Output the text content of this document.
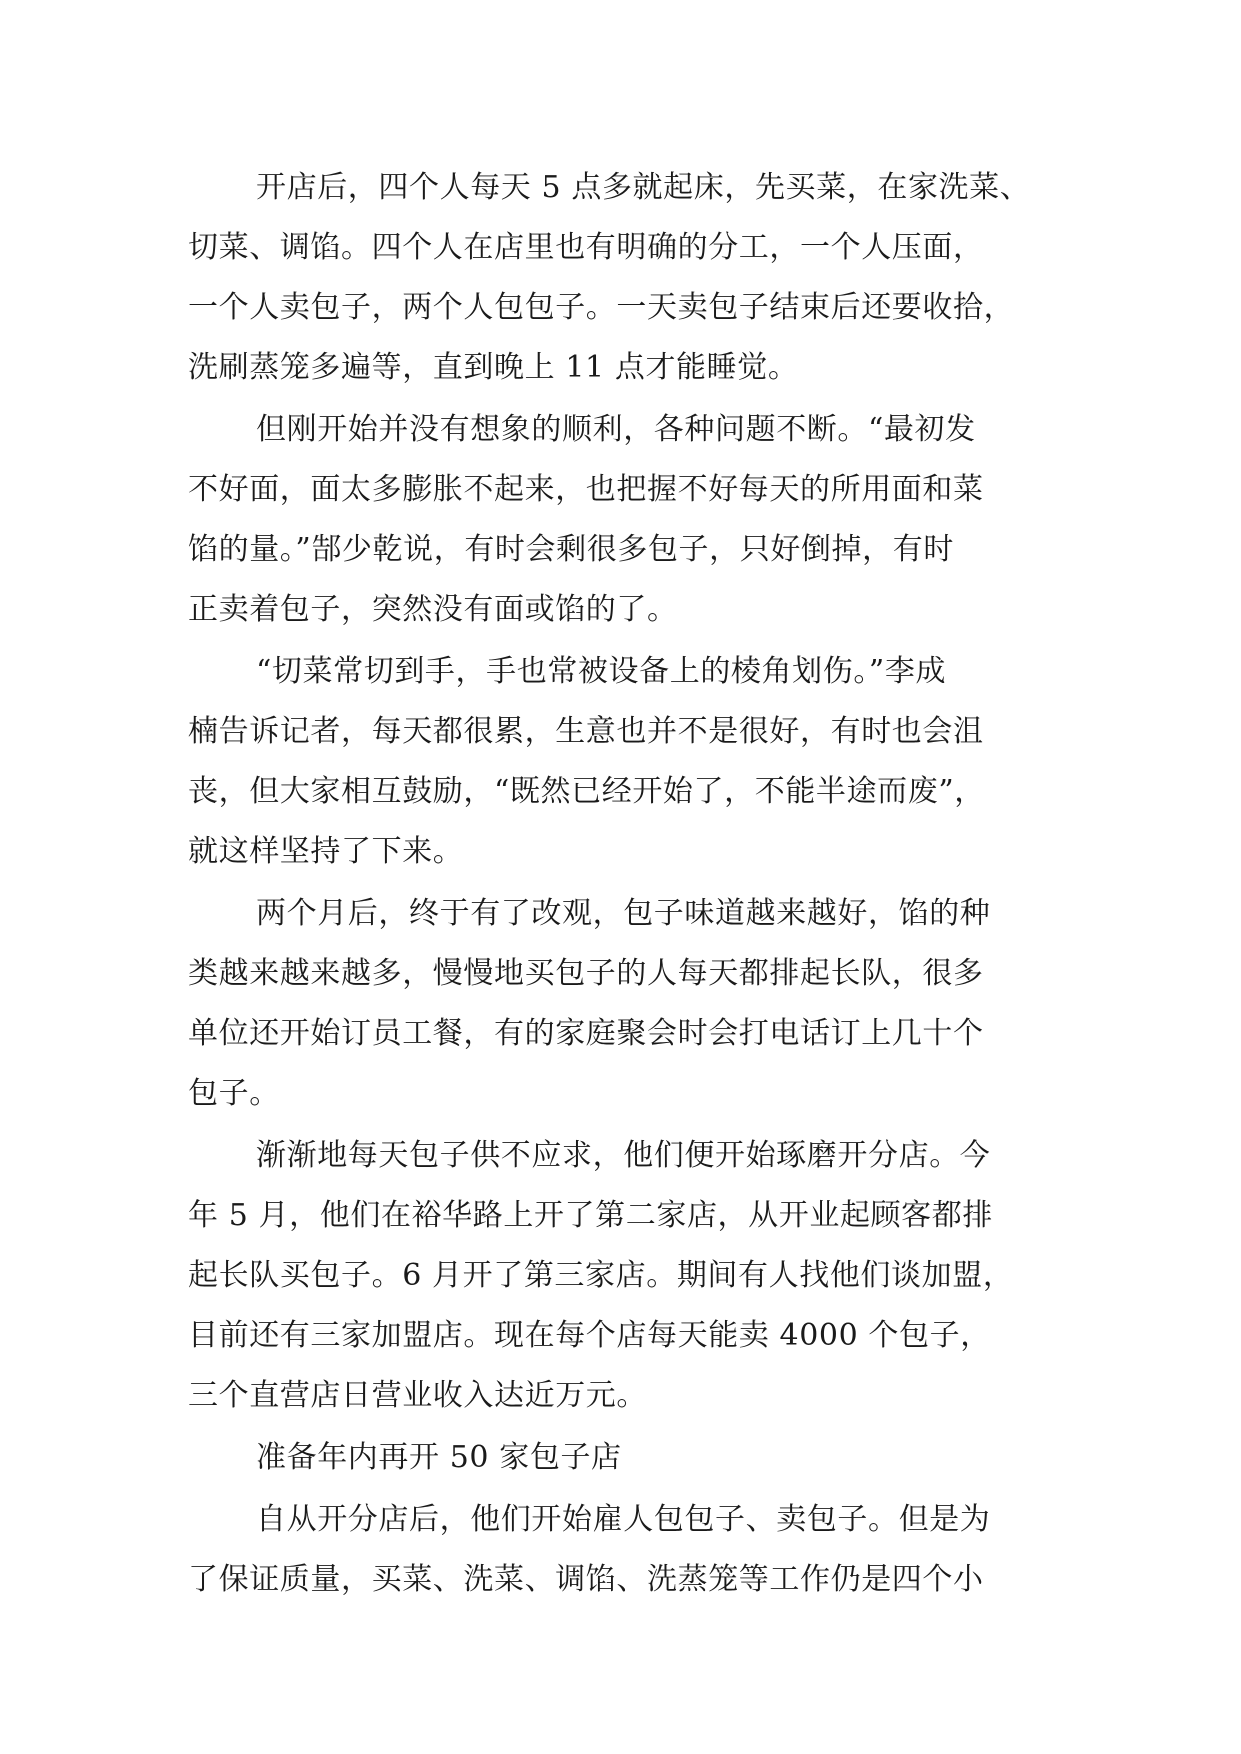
开店后，四个人每天 5 点多就起床，先买菜，在家洗菜、
切菜、调馅。四个人在店里也有明确的分工，一个人压面，
一个人卖包子，两个人包包子。一天卖包子结束后还要收拾，
洗刷蒸笼多遍等，直到晚上 11 点才能睡觉。
但刚开始并没有想象的顺利，各种问题不断。“最初发
不好面，面太多膨胀不起来，也把握不好每天的所用面和菜
馅的量。”郜少乾说，有时会剩很多包子，只好倒掉，有时
正卖着包子，突然没有面或馅的了。
“切菜常切到手，手也常被设备上的棱角划伤。”李成
楠告诉记者，每天都很累，生意也并不是很好，有时也会沮
丧，但大家相互鼓励，“既然已经开始了，不能半途而废”，
就这样坚持了下来。
两个月后，终于有了改观，包子味道越来越好，馅的种
类越来越来越多，慢慢地买包子的人每天都排起长队，很多
单位还开始订员工餐，有的家庭聚会时会打电话订上几十个
包子。
渐渐地每天包子供不应求，他们便开始琢磨开分店。今
年 5 月，他们在裕华路上开了第二家店，从开业起顾客都排
起长队买包子。6 月开了第三家店。期间有人找他们谈加盟，
目前还有三家加盟店。现在每个店每天能卖 4000 个包子，
三个直营店日营业收入达近万元。
准备年内再开 50 家包子店
自从开分店后，他们开始雇人包包子、卖包子。但是为
了保证质量，买菜、洗菜、调馅、洗蒸笼等工作仍是四个小
